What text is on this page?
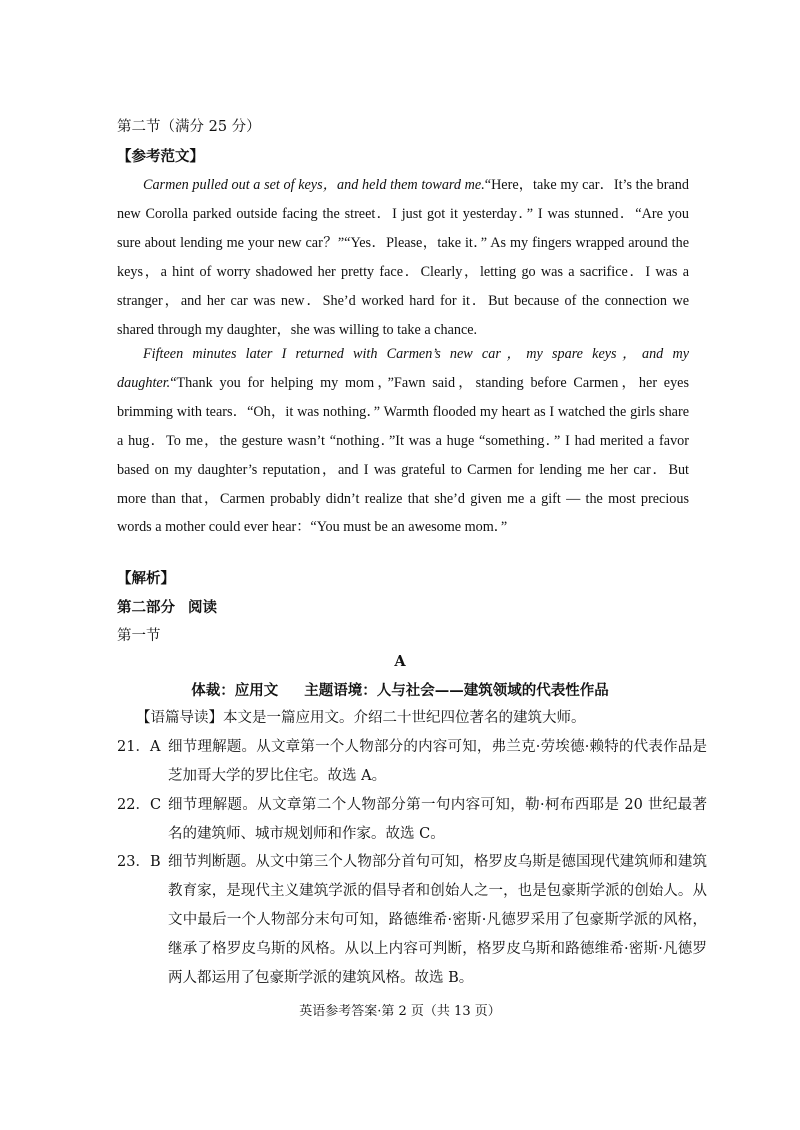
第二节（满分 25 分）
【参考范文】

Carmen pulled out a set of keys，and held them toward me.“Here，take my car．It’s the brand new Corolla parked outside facing the street．I just got it yesterday．” I was stunned．“Are you sure about lending me your new car？”“Yes．Please，take it．” As my fingers wrapped around the keys，a hint of worry shadowed her pretty face．Clearly，letting go was a sacrifice．I was a stranger，and her car was new．She’d worked hard for it．But because of the connection we shared through my daughter，she was willing to take a chance.

Fifteen minutes later I returned with Carmen’s new car，my spare keys，and my daughter.“Thank you for helping my mom，”Fawn said，standing before Carmen，her eyes brimming with tears．“Oh，it was nothing．” Warmth flooded my heart as I watched the girls share a hug．To me，the gesture wasn’t “nothing．”It was a huge “something．” I had merited a favor based on my daughter’s reputation，and I was grateful to Carmen for lending me her car．But more than that，Carmen probably didn’t realize that she’d given me a gift — the most precious words a mother could ever hear：“You must be an awesome mom．”

【解析】
第二部分 阅读
第一节
A
体裁：应用文 主题语境：人与社会——建筑领域的代表性作品
【语篇导读】本文是一篇应用文。介绍二十世纪四位著名的建筑大师。
21．A 细节理解题。从文章第一个人物部分的内容可知，弗兰克·劳埃德·赖特的代表作品是芝加哥大学的罗比住宅。故选 A。
22．C 细节理解题。从文章第二个人物部分第一句内容可知，勒·柯布西耶是 20 世纪最著名的建筑师、城市规划师和作家。故选 C。
23．B 细节判断题。从文中第三个人物部分首句可知，格罗皮乌斯是德国现代建筑师和建筑教育家，是现代主义建筑学派的倡导者和创始人之一，也是包豪斯学派的创始人。从文中最后一个人物部分末句可知，路德维希·密斯·凡德罗采用了包豪斯学派的风格，继承了格罗皮乌斯的风格。从以上内容可判断，格罗皮乌斯和路德维希·密斯·凡德罗两人都运用了包豪斯学派的建筑风格。故选 B。
英语参考答案·第 2 页（共 13 页）
